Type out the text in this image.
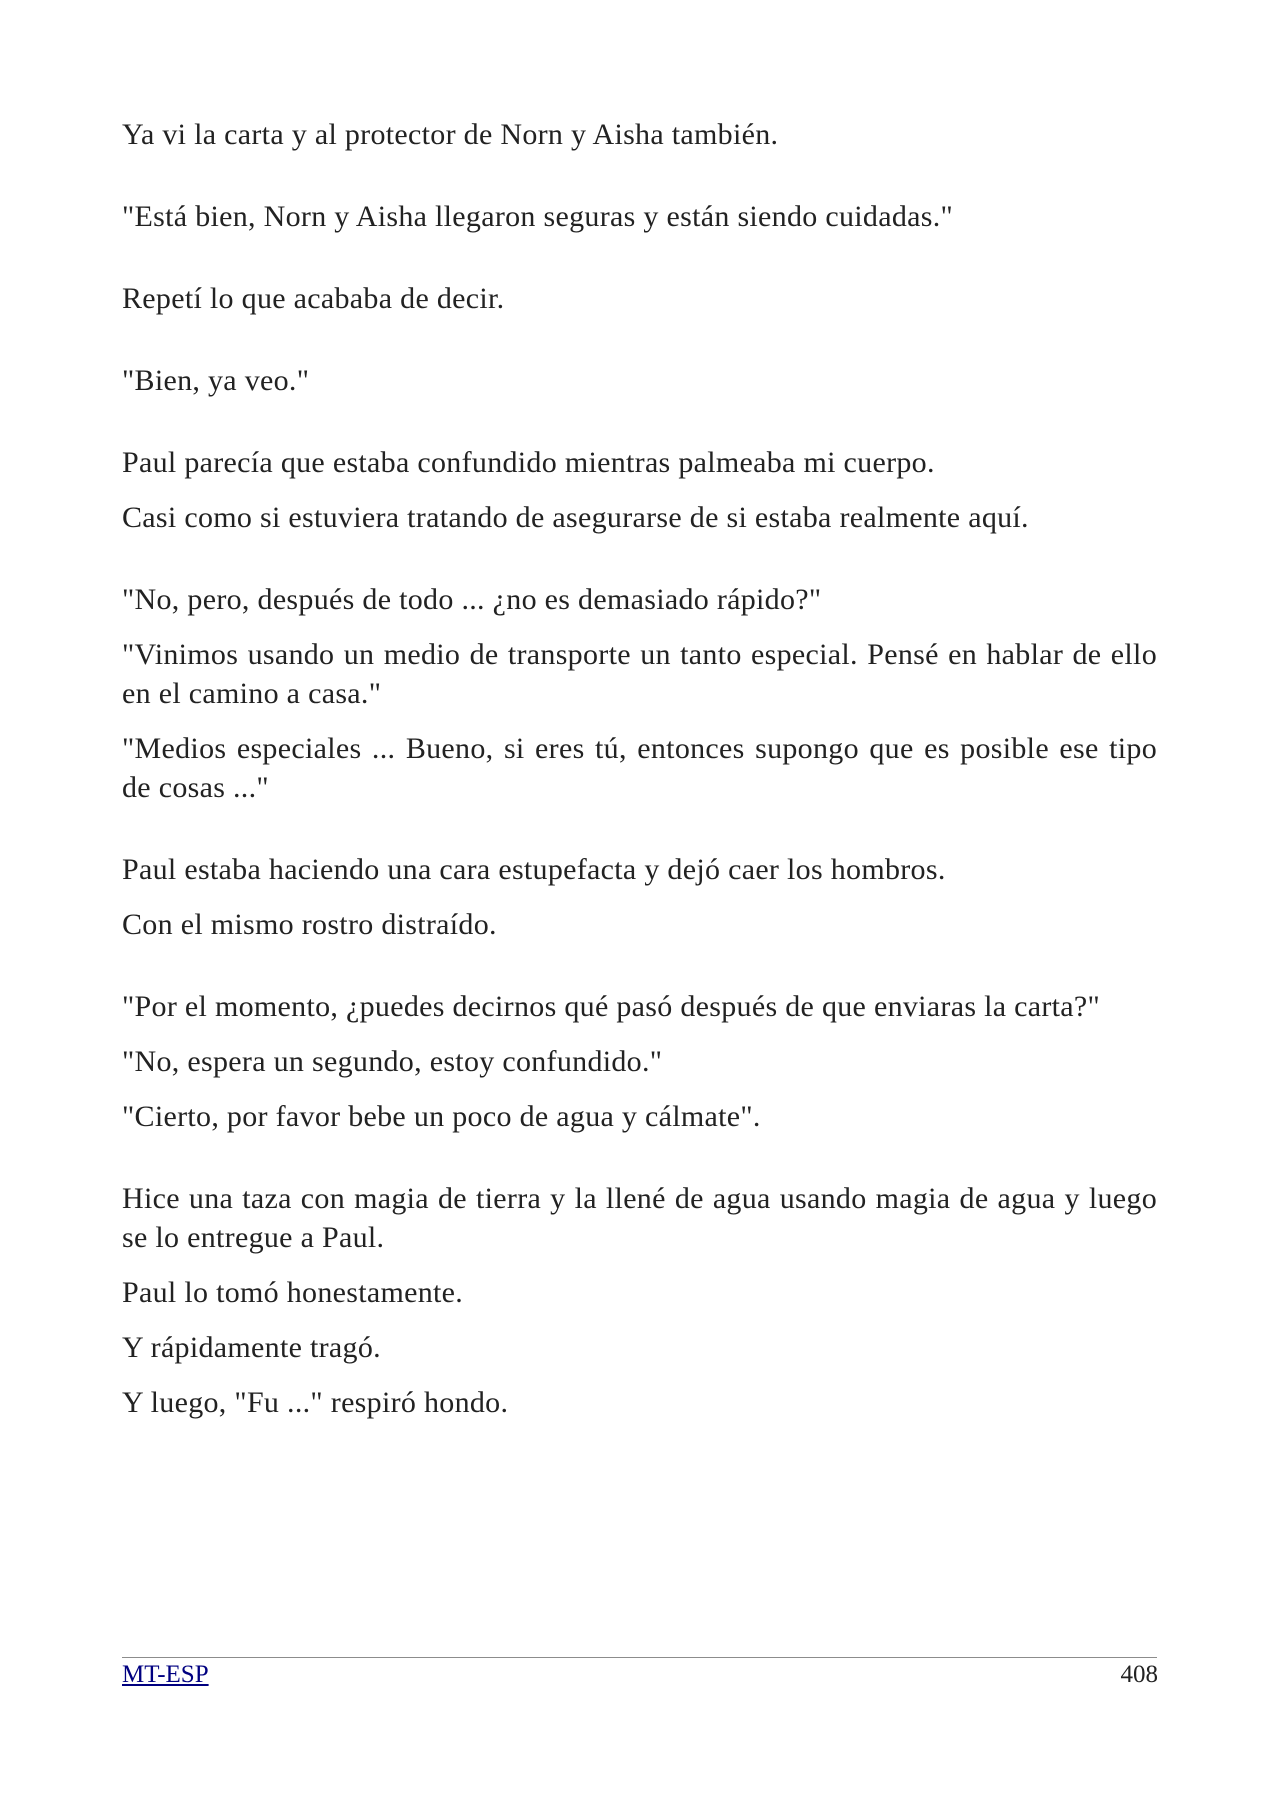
Ya vi la carta y al protector de Norn y Aisha también.

"Está bien, Norn y Aisha llegaron seguras y están siendo cuidadas."

Repetí lo que acababa de decir.

"Bien, ya veo."

Paul parecía que estaba confundido mientras palmeaba mi cuerpo.

Casi como si estuviera tratando de asegurarse de si estaba realmente aquí.

"No, pero, después de todo ... ¿no es demasiado rápido?"

"Vinimos usando un medio de transporte un tanto especial. Pensé en hablar de ello en el camino a casa."

"Medios especiales ... Bueno, si eres tú, entonces supongo que es posible ese tipo de cosas ..."

Paul estaba haciendo una cara estupefacta y dejó caer los hombros.

Con el mismo rostro distraído.

"Por el momento, ¿puedes decirnos qué pasó después de que enviaras la carta?"

"No, espera un segundo, estoy confundido."

"Cierto, por favor bebe un poco de agua y cálmate".

Hice una taza con magia de tierra y la llené de agua usando magia de agua y luego se lo entregue a Paul.

Paul lo tomó honestamente.

Y rápidamente tragó.

Y luego, "Fu ..." respiró hondo.

MT-ESP	408
